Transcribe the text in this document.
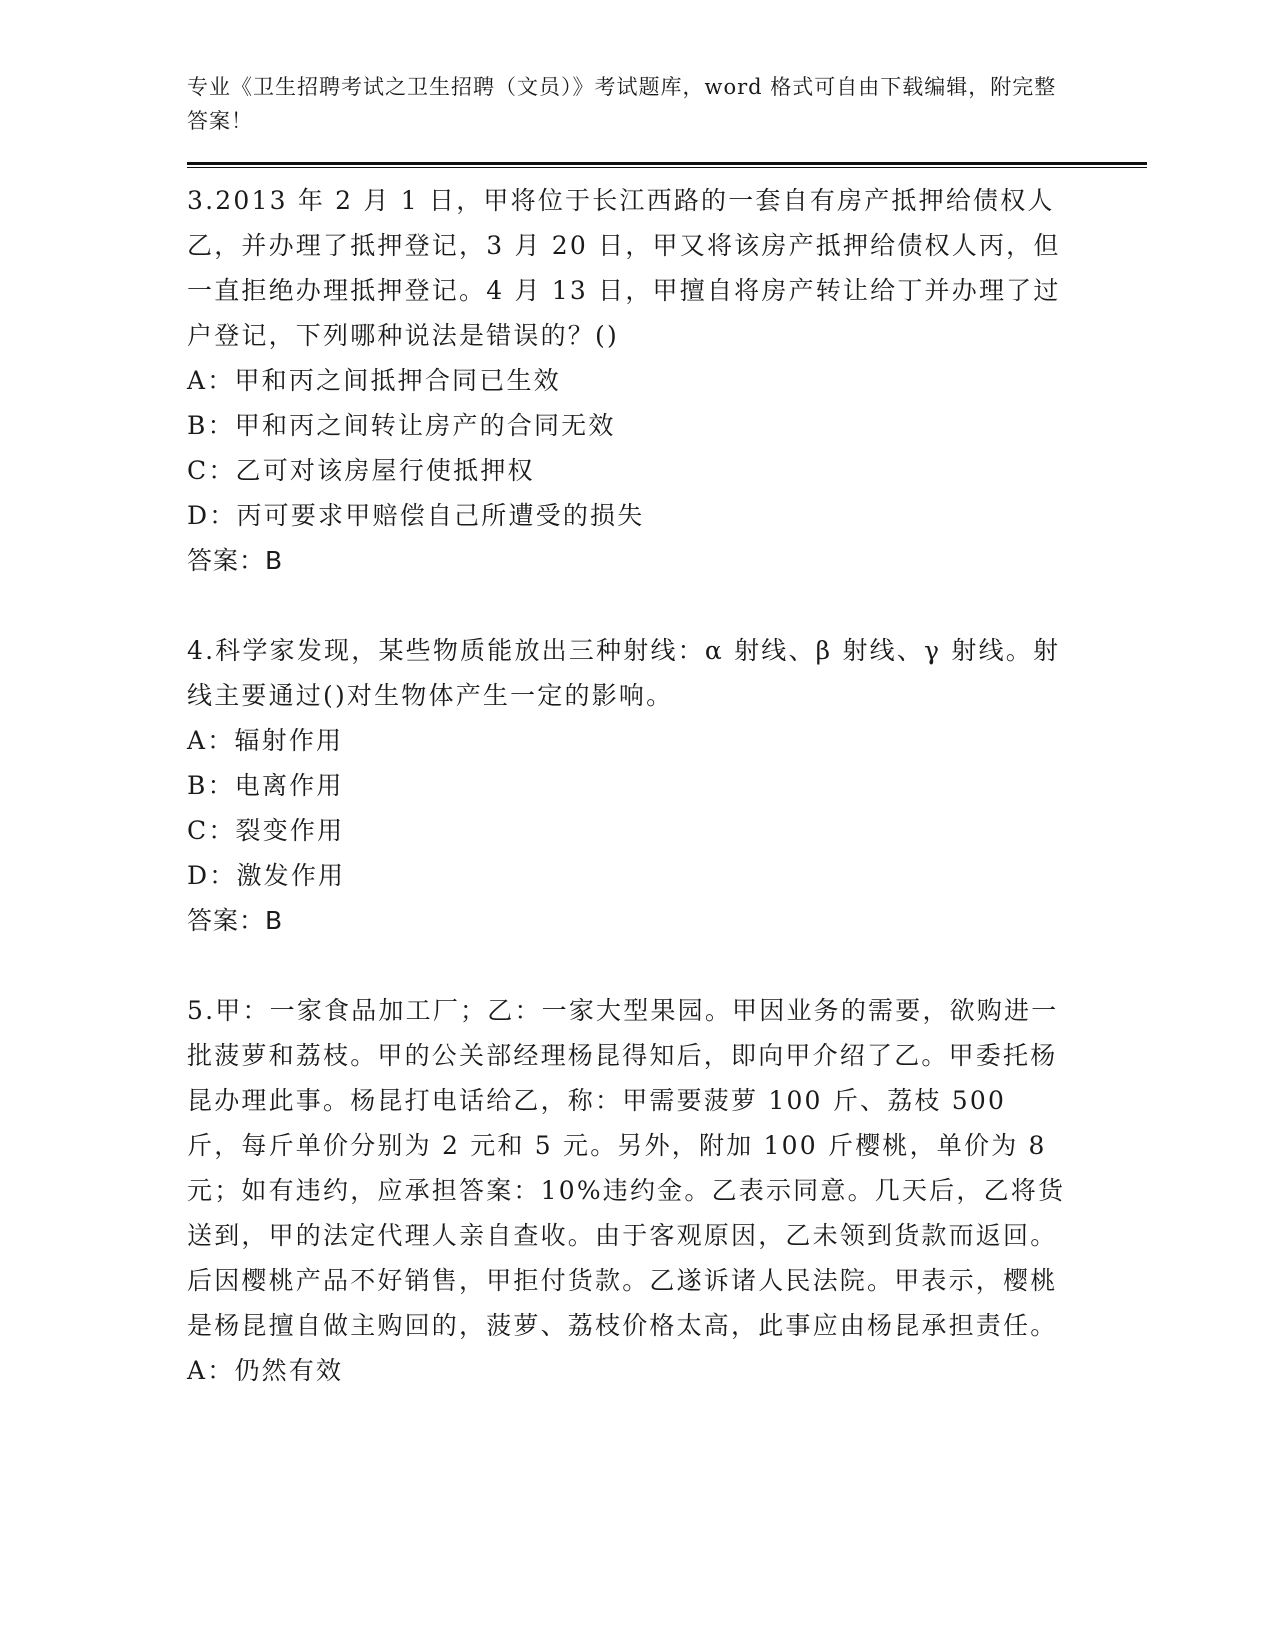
专业《卫生招聘考试之卫生招聘（文员）》考试题库，word 格式可自由下载编辑，附完整答案！

3.2013 年 2 月 1 日，甲将位于长江西路的一套自有房产抵押给债权人乙，并办理了抵押登记，3 月 20 日，甲又将该房产抵押给债权人丙，但一直拒绝办理抵押登记。4 月 13 日，甲擅自将房产转让给丁并办理了过户登记，下列哪种说法是错误的？()

A：甲和丙之间抵押合同已生效

B：甲和丙之间转让房产的合同无效

C：乙可对该房屋行使抵押权

D：丙可要求甲赔偿自己所遭受的损失

答案：B

4.科学家发现，某些物质能放出三种射线：α 射线、β 射线、γ 射线。射线主要通过()对生物体产生一定的影响。

A：辐射作用

B：电离作用

C：裂变作用

D：激发作用

答案：B

5.甲：一家食品加工厂；乙：一家大型果园。甲因业务的需要，欲购进一批菠萝和荔枝。甲的公关部经理杨昆得知后，即向甲介绍了乙。甲委托杨昆办理此事。杨昆打电话给乙，称：甲需要菠萝 100 斤、荔枝 500 斤，每斤单价分别为 2 元和 5 元。另外，附加 100 斤樱桃，单价为 8 元；如有违约，应承担答案：10%违约金。乙表示同意。几天后，乙将货送到，甲的法定代理人亲自查收。由于客观原因，乙未领到货款而返回。后因樱桃产品不好销售，甲拒付货款。乙遂诉诸人民法院。甲表示，樱桃是杨昆擅自做主购回的，菠萝、荔枝价格太高，此事应由杨昆承担责任。

A：仍然有效
